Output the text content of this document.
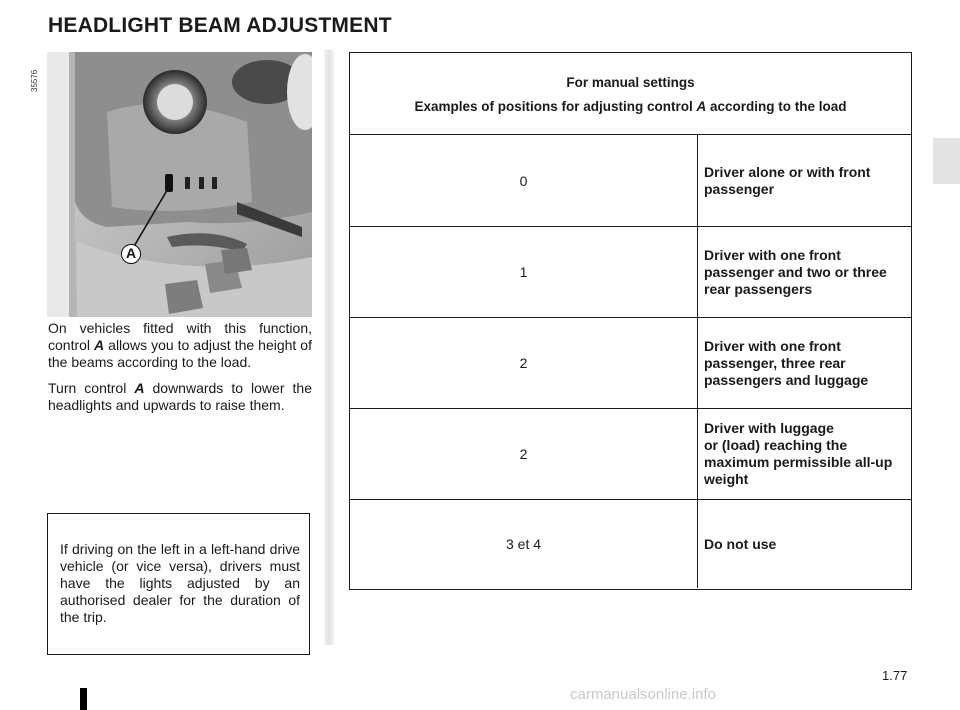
HEADLIGHT BEAM ADJUSTMENT
35576
A

On vehicles fitted with this function, control A allows you to adjust the height of the beams according to the load.

Turn control A downwards to lower the headlights and upwards to raise them.

If driving on the left in a left-hand drive vehicle (or vice versa), drivers must have the lights adjusted by an authorised dealer for the duration of the trip.
For manual settings
Examples of positions for adjusting control A according to the load
0
Driver alone or with front
passenger
1
Driver with one front
passenger and two or three
rear passengers
2
Driver with one front
passenger, three rear
passengers and luggage
2
Driver with luggage
or (load) reaching the
maximum permissible all-up
weight
3 et 4	Do not use
1.77
carmanualsonline.info
